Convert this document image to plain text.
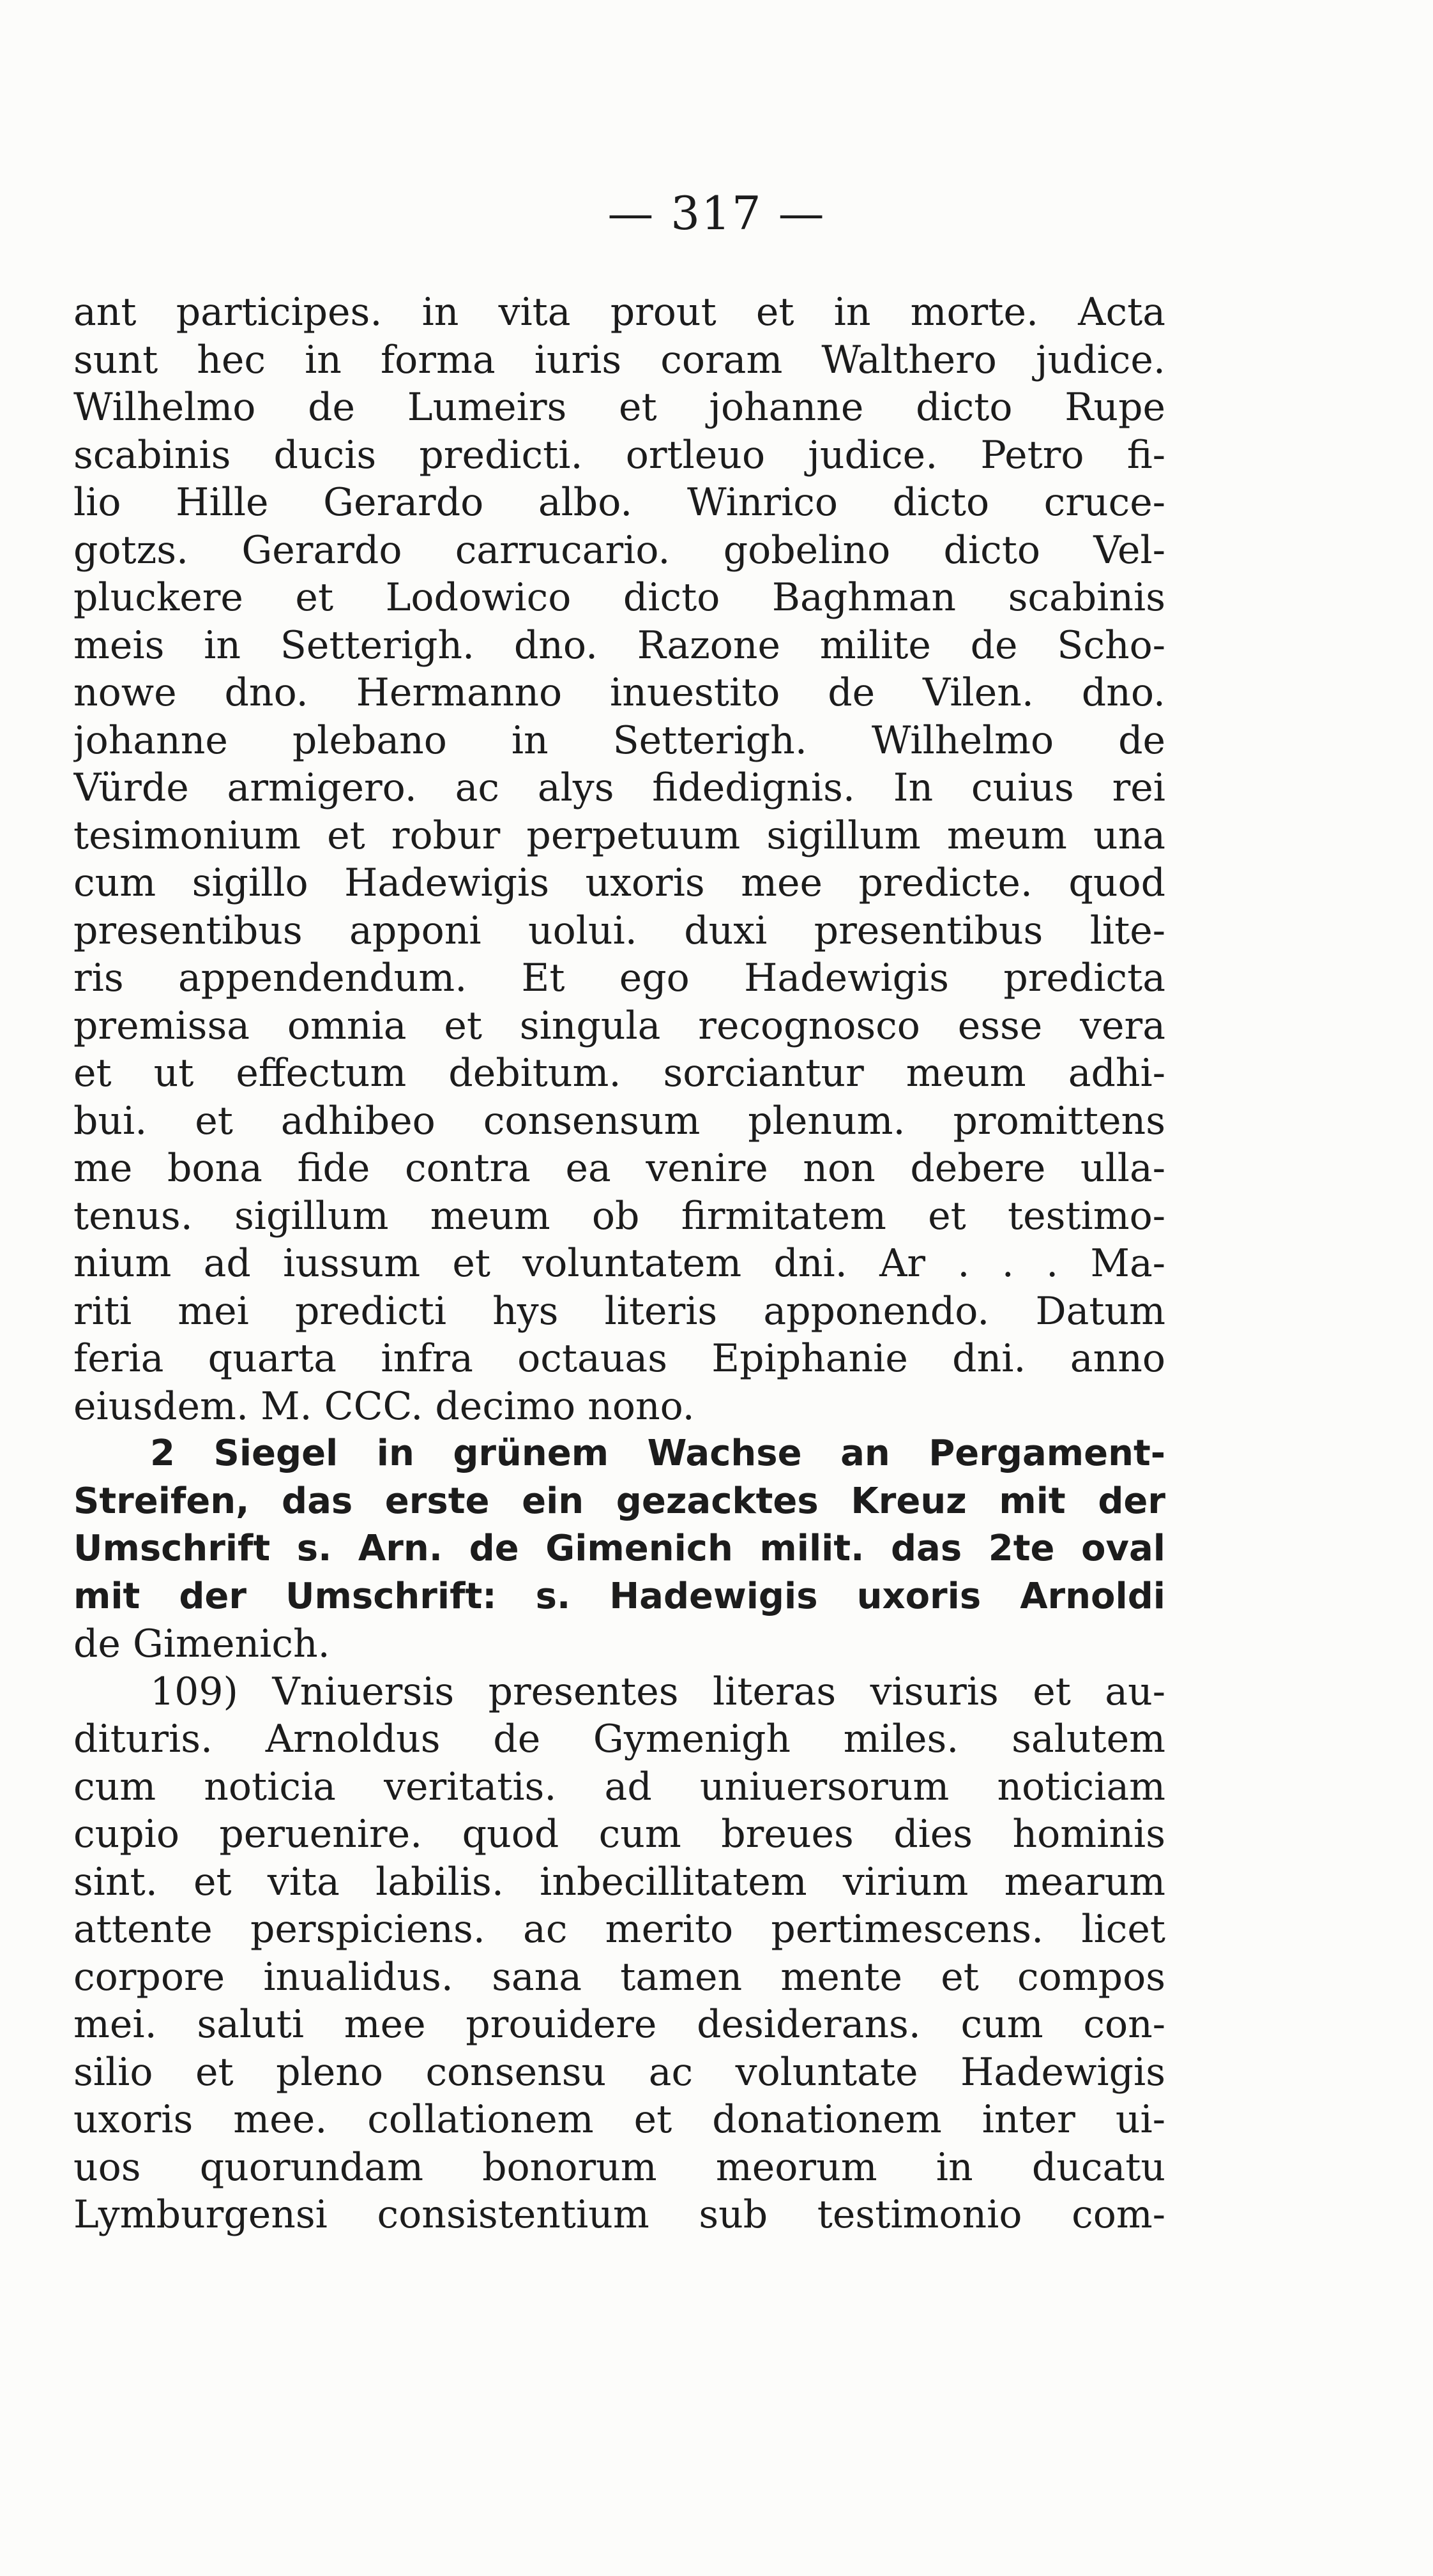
— 317 —
ant participes. in vita prout et in morte. Acta
sunt hec in forma iuris coram Walthero judice.
Wilhelmo de Lumeirs et johanne dicto Rupe
scabinis ducis predicti. ortleuo judice. Petro fi-
lio Hille Gerardo albo. Winrico dicto cruce-
gotzs. Gerardo carrucario. gobelino dicto Vel-
pluckere et Lodowico dicto Baghman scabinis
meis in Setterigh. dno. Razone milite de Scho-
nowe dno. Hermanno inuestito de Vilen. dno.
johanne plebano in Setterigh. Wilhelmo de
Vürde armigero. ac alys fidedignis. In cuius rei
tesimonium et robur perpetuum sigillum meum una
cum sigillo Hadewigis uxoris mee predicte. quod
presentibus apponi uolui. duxi presentibus lite-
ris appendendum. Et ego Hadewigis predicta
premissa omnia et singula recognosco esse vera
et ut effectum debitum. sorciantur meum adhi-
bui. et adhibeo consensum plenum. promittens
me bona fide contra ea venire non debere ulla-
tenus. sigillum meum ob firmitatem et testimo-
nium ad iussum et voluntatem dni. Ar . . . Ma-
riti mei predicti hys literis apponendo. Datum
feria quarta infra octauas Epiphanie dni. anno
eiusdem. M. CCC. decimo nono.
2 Siegel in grünem Wachse an Pergament-
Streifen, das erste ein gezacktes Kreuz mit der
Umschrift s. Arn. de Gimenich milit. das 2te oval
mit der Umschrift: s. Hadewigis uxoris Arnoldi
de Gimenich.
109) Vniuersis presentes literas visuris et au-
dituris. Arnoldus de Gymenigh miles. salutem
cum noticia veritatis. ad uniuersorum noticiam
cupio peruenire. quod cum breues dies hominis
sint. et vita labilis. inbecillitatem virium mearum
attente perspiciens. ac merito pertimescens. licet
corpore inualidus. sana tamen mente et compos
mei. saluti mee prouidere desiderans. cum con-
silio et pleno consensu ac voluntate Hadewigis
uxoris mee. collationem et donationem inter ui-
uos quorundam bonorum meorum in ducatu
Lymburgensi consistentium sub testimonio com-
